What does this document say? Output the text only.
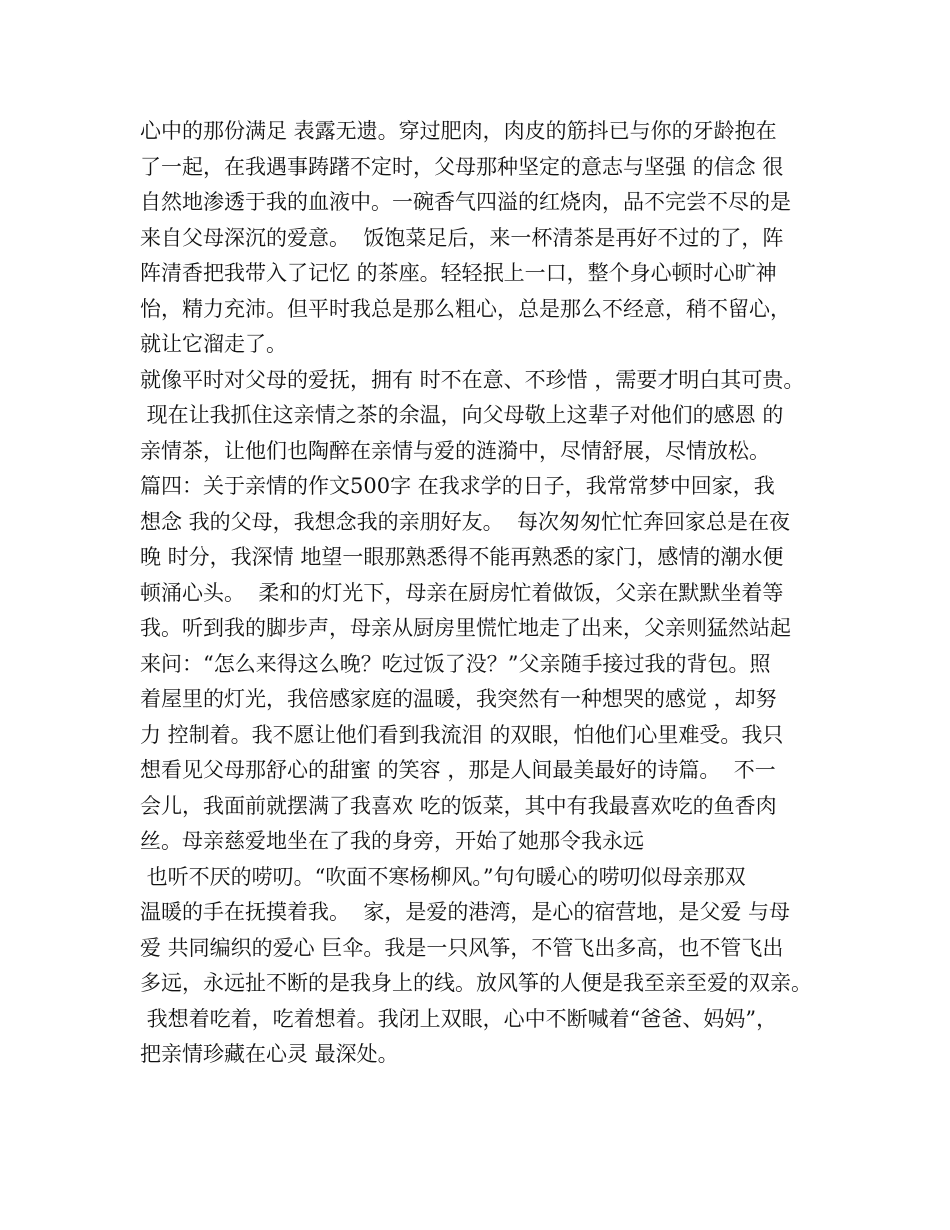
心中的那份满足 表露无遗。穿过肥肉，肉皮的筋抖已与你的牙龄抱在
了一起，在我遇事踌躇不定时，父母那种坚定的意志与坚强 的信念 很
自然地渗透于我的血液中。一碗香气四溢的红烧肉，品不完尝不尽的是
来自父母深沉的爱意。  饭饱菜足后，来一杯清茶是再好不过的了，阵
阵清香把我带入了记忆 的茶座。轻轻抿上一口，整个身心顿时心旷神
怡，精力充沛。但平时我总是那么粗心，总是那么不经意，稍不留心，
就让它溜走了。
就像平时对父母的爱抚，拥有 时不在意、不珍惜 ，需要才明白其可贵。
现在让我抓住这亲情之茶的余温，向父母敬上这辈子对他们的感恩 的
亲情茶，让他们也陶醉在亲情与爱的涟漪中，尽情舒展，尽情放松。
篇四：关于亲情的作文500字 在我求学的日子，我常常梦中回家，我
想念 我的父母，我想念我的亲朋好友。  每次匆匆忙忙奔回家总是在夜
晚 时分，我深情 地望一眼那熟悉得不能再熟悉的家门，感情的潮水便
顿涌心头。  柔和的灯光下，母亲在厨房忙着做饭，父亲在默默坐着等
我。听到我的脚步声，母亲从厨房里慌忙地走了出来，父亲则猛然站起
来问：“怎么来得这么晚？吃过饭了没？”父亲随手接过我的背包。照
着屋里的灯光，我倍感家庭的温暖，我突然有一种想哭的感觉 ，却努
力 控制着。我不愿让他们看到我流泪 的双眼，怕他们心里难受。我只
想看见父母那舒心的甜蜜 的笑容 ，那是人间最美最好的诗篇。  不一
会儿，我面前就摆满了我喜欢 吃的饭菜，其中有我最喜欢吃的鱼香肉
丝。母亲慈爱地坐在了我的身旁，开始了她那令我永远
也听不厌的唠叨。“吹面不寒杨柳风。”句句暖心的唠叨似母亲那双
温暖的手在抚摸着我。  家，是爱的港湾，是心的宿营地，是父爱 与母
爱 共同编织的爱心 巨伞。我是一只风筝，不管飞出多高，也不管飞出
多远，永远扯不断的是我身上的线。放风筝的人便是我至亲至爱的双亲。
我想着吃着，吃着想着。我闭上双眼，心中不断喊着“爸爸、妈妈”，
把亲情珍藏在心灵 最深处。
